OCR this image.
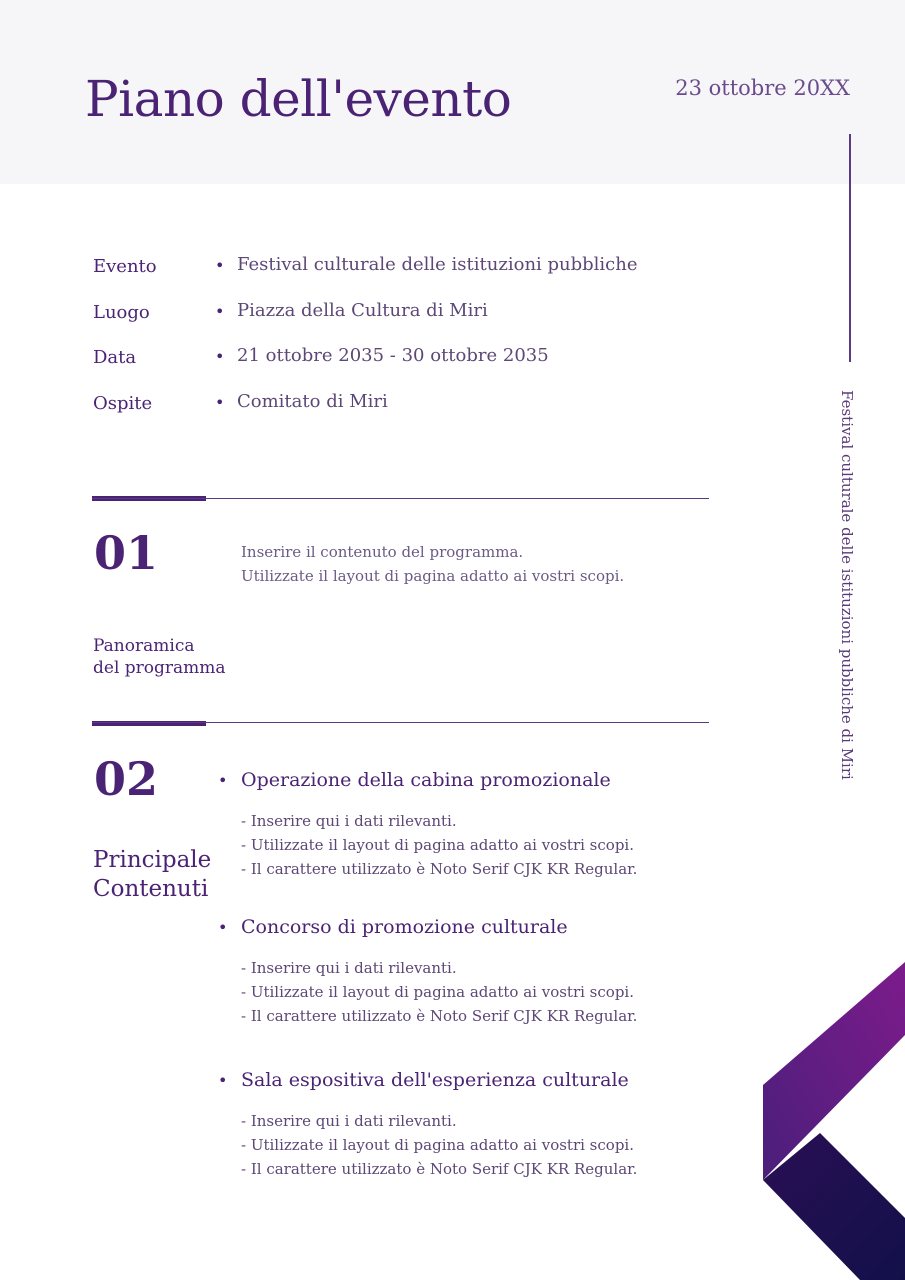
Piano dell'evento	23 ottobre 20XX
Festival culturale delle istituzioni pubbliche di Miri
Evento	• Festival culturale delle istituzioni pubbliche
Luogo	• Piazza della Cultura di Miri
Data	• 21 ottobre 2035 - 30 ottobre 2035
Ospite	• Comitato di Miri
01
Panoramica
del programma
Inserire il contenuto del programma.
Utilizzate il layout di pagina adatto ai vostri scopi.
02
Principale
Contenuti
• Operazione della cabina promozionale
- Inserire qui i dati rilevanti.
- Utilizzate il layout di pagina adatto ai vostri scopi.
- Il carattere utilizzato è Noto Serif CJK KR Regular.
• Concorso di promozione culturale
- Inserire qui i dati rilevanti.
- Utilizzate il layout di pagina adatto ai vostri scopi.
- Il carattere utilizzato è Noto Serif CJK KR Regular.
• Sala espositiva dell'esperienza culturale
- Inserire qui i dati rilevanti.
- Utilizzate il layout di pagina adatto ai vostri scopi.
- Il carattere utilizzato è Noto Serif CJK KR Regular.
